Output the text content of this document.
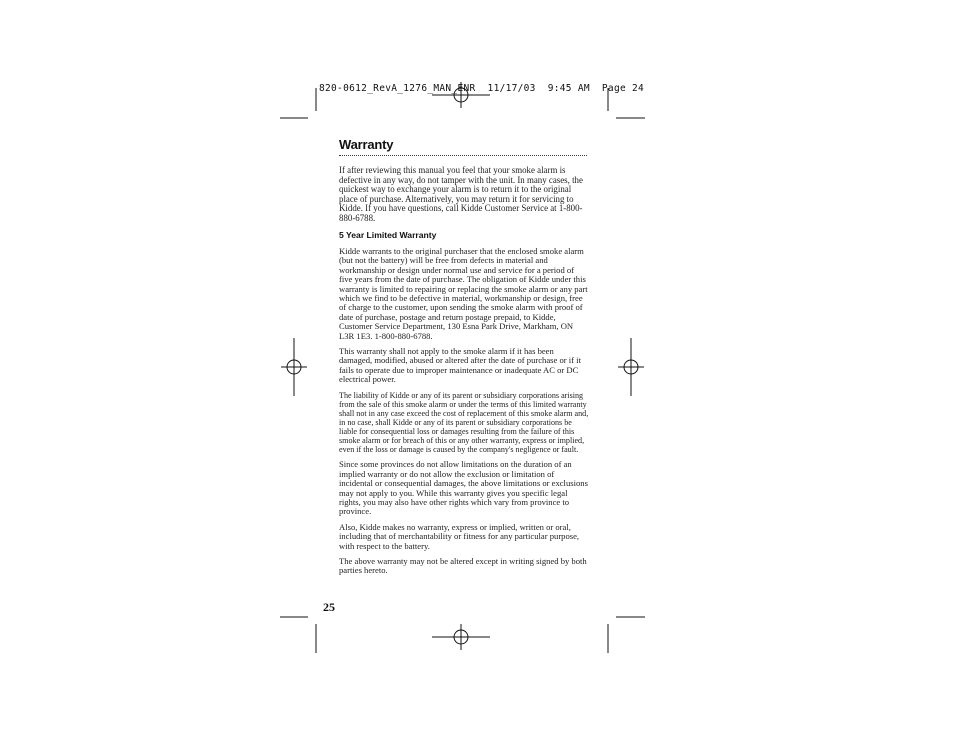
820-0612_RevA_1276_MAN_ENR  11/17/03  9:45 AM  Page 24
Warranty

If after reviewing this manual you feel that your smoke alarm is defective in any way, do not tamper with the unit. In many cases, the quickest way to exchange your alarm is to return it to the original place of purchase. Alternatively, you may return it for servicing to Kidde. If you have questions, call Kidde Customer Service at 1-800-880-6788.

5 Year Limited Warranty

Kidde warrants to the original purchaser that the enclosed smoke alarm (but not the battery) will be free from defects in material and workmanship or design under normal use and service for a period of five years from the date of purchase. The obligation of Kidde under this warranty is limited to repairing or replacing the smoke alarm or any part which we find to be defective in material, workmanship or design, free of charge to the customer, upon sending the smoke alarm with proof of date of purchase, postage and return postage prepaid, to Kidde, Customer Service Department, 130 Esna Park Drive, Markham, ON L3R 1E3. 1-800-880-6788.

This warranty shall not apply to the smoke alarm if it has been damaged, modified, abused or altered after the date of purchase or if it fails to operate due to improper maintenance or inadequate AC or DC electrical power.

The liability of Kidde or any of its parent or subsidiary corporations arising from the sale of this smoke alarm or under the terms of this limited warranty shall not in any case exceed the cost of replacement of this smoke alarm and, in no case, shall Kidde or any of its parent or subsidiary corporations be liable for consequential loss or damages resulting from the failure of this smoke alarm or for breach of this or any other warranty, express or implied, even if the loss or damage is caused by the company's negligence or fault.

Since some provinces do not allow limitations on the duration of an implied warranty or do not allow the exclusion or limitation of incidental or consequential damages, the above limitations or exclusions may not apply to you. While this warranty gives you specific legal rights, you may also have other rights which vary from province to province.

Also, Kidde makes no warranty, express or implied, written or oral, including that of merchantability or fitness for any particular purpose, with respect to the battery.

The above warranty may not be altered except in writing signed by both parties hereto.

25
